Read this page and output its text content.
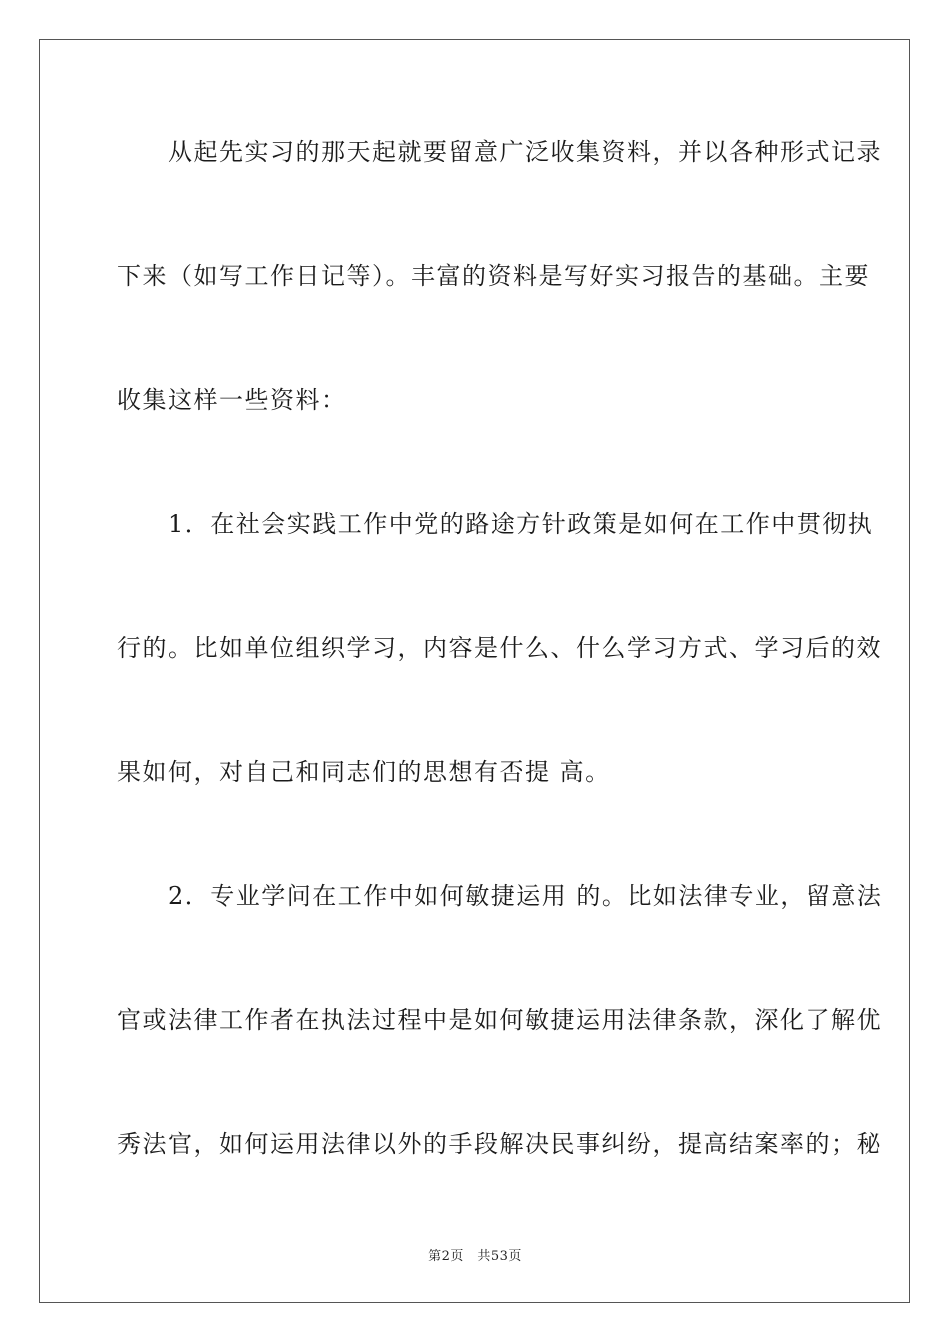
　　从起先实习的那天起就要留意广泛收集资料，并以各种形式记录
下来（如写工作日记等）。丰富的资料是写好实习报告的基础。主要
收集这样一些资料：
　　1．在社会实践工作中党的路途方针政策是如何在工作中贯彻执
行的。比如单位组织学习，内容是什么、什么学习方式、学习后的效
果如何，对自己和同志们的思想有否提 高。
　　2．专业学问在工作中如何敏捷运用 的。比如法律专业，留意法
官或法律工作者在执法过程中是如何敏捷运用法律条款，深化了解优
秀法官，如何运用法律以外的手段解决民事纠纷，提高结案率的；秘
第2页　共53页
